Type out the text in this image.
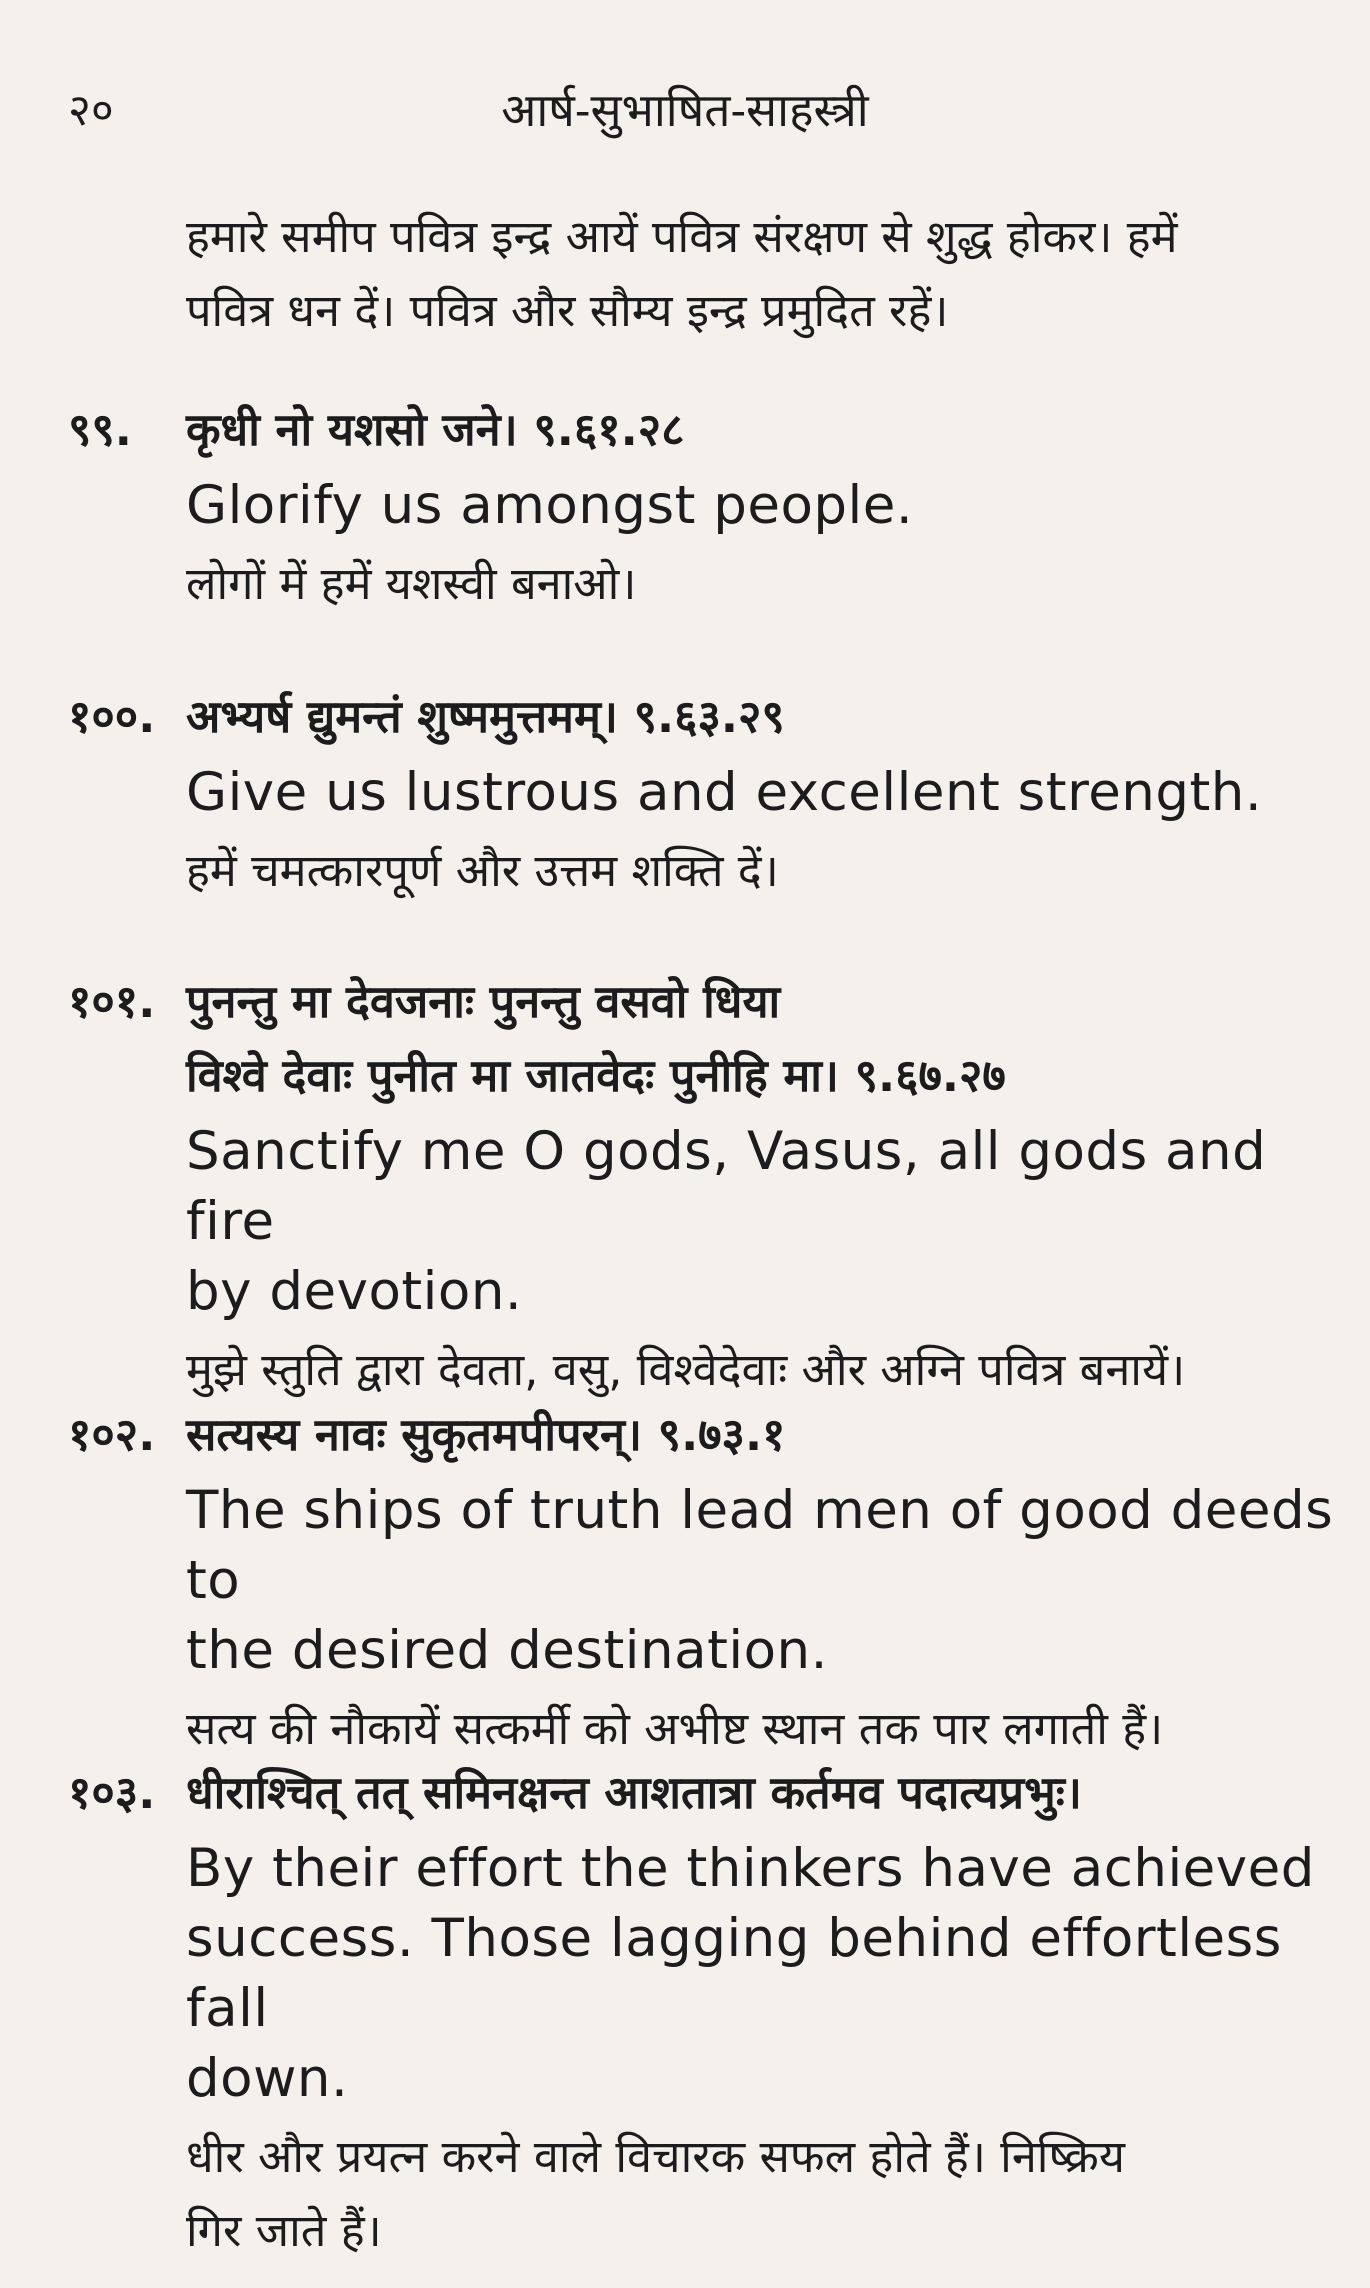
२०	आर्ष-सुभाषित-साहस्त्री

हमारे समीप पवित्र इन्द्र आयें पवित्र संरक्षण से शुद्ध होकर। हमें

पवित्र धन दें। पवित्र और सौम्य इन्द्र प्रमुदित रहें।

९९. कृधी नो यशसो जने। ९.६१.२८

Glorify us amongst people.

लोगों में हमें यशस्वी बनाओ।

१००. अभ्यर्ष द्युमन्तं शुष्ममुत्तमम्। ९.६३.२९

Give us lustrous and excellent strength.

हमें चमत्कारपूर्ण और उत्तम शक्ति दें।

१०१. पुनन्तु मा देवजनाः पुनन्तु वसवो धिया

विश्वे देवाः पुनीत मा जातवेदः पुनीहि मा। ९.६७.२७

Sanctify me O gods, Vasus, all gods and fire

by devotion.

मुझे स्तुति द्वारा देवता, वसु, विश्वेदेवाः और अग्नि पवित्र बनायें।

१०२. सत्यस्य नावः सुकृतमपीपरन्। ९.७३.१

The ships of truth lead men of good deeds to

the desired destination.

सत्य की नौकायें सत्कर्मी को अभीष्ट स्थान तक पार लगाती हैं।

१०३. धीराश्चित् तत् समिनक्षन्त आशतात्रा कर्तमव पदात्यप्रभुः।

By their effort the thinkers have achieved

success. Those lagging behind effortless fall

down.

धीर और प्रयत्न करने वाले विचारक सफल होते हैं। निष्क्रिय

गिर जाते हैं।
